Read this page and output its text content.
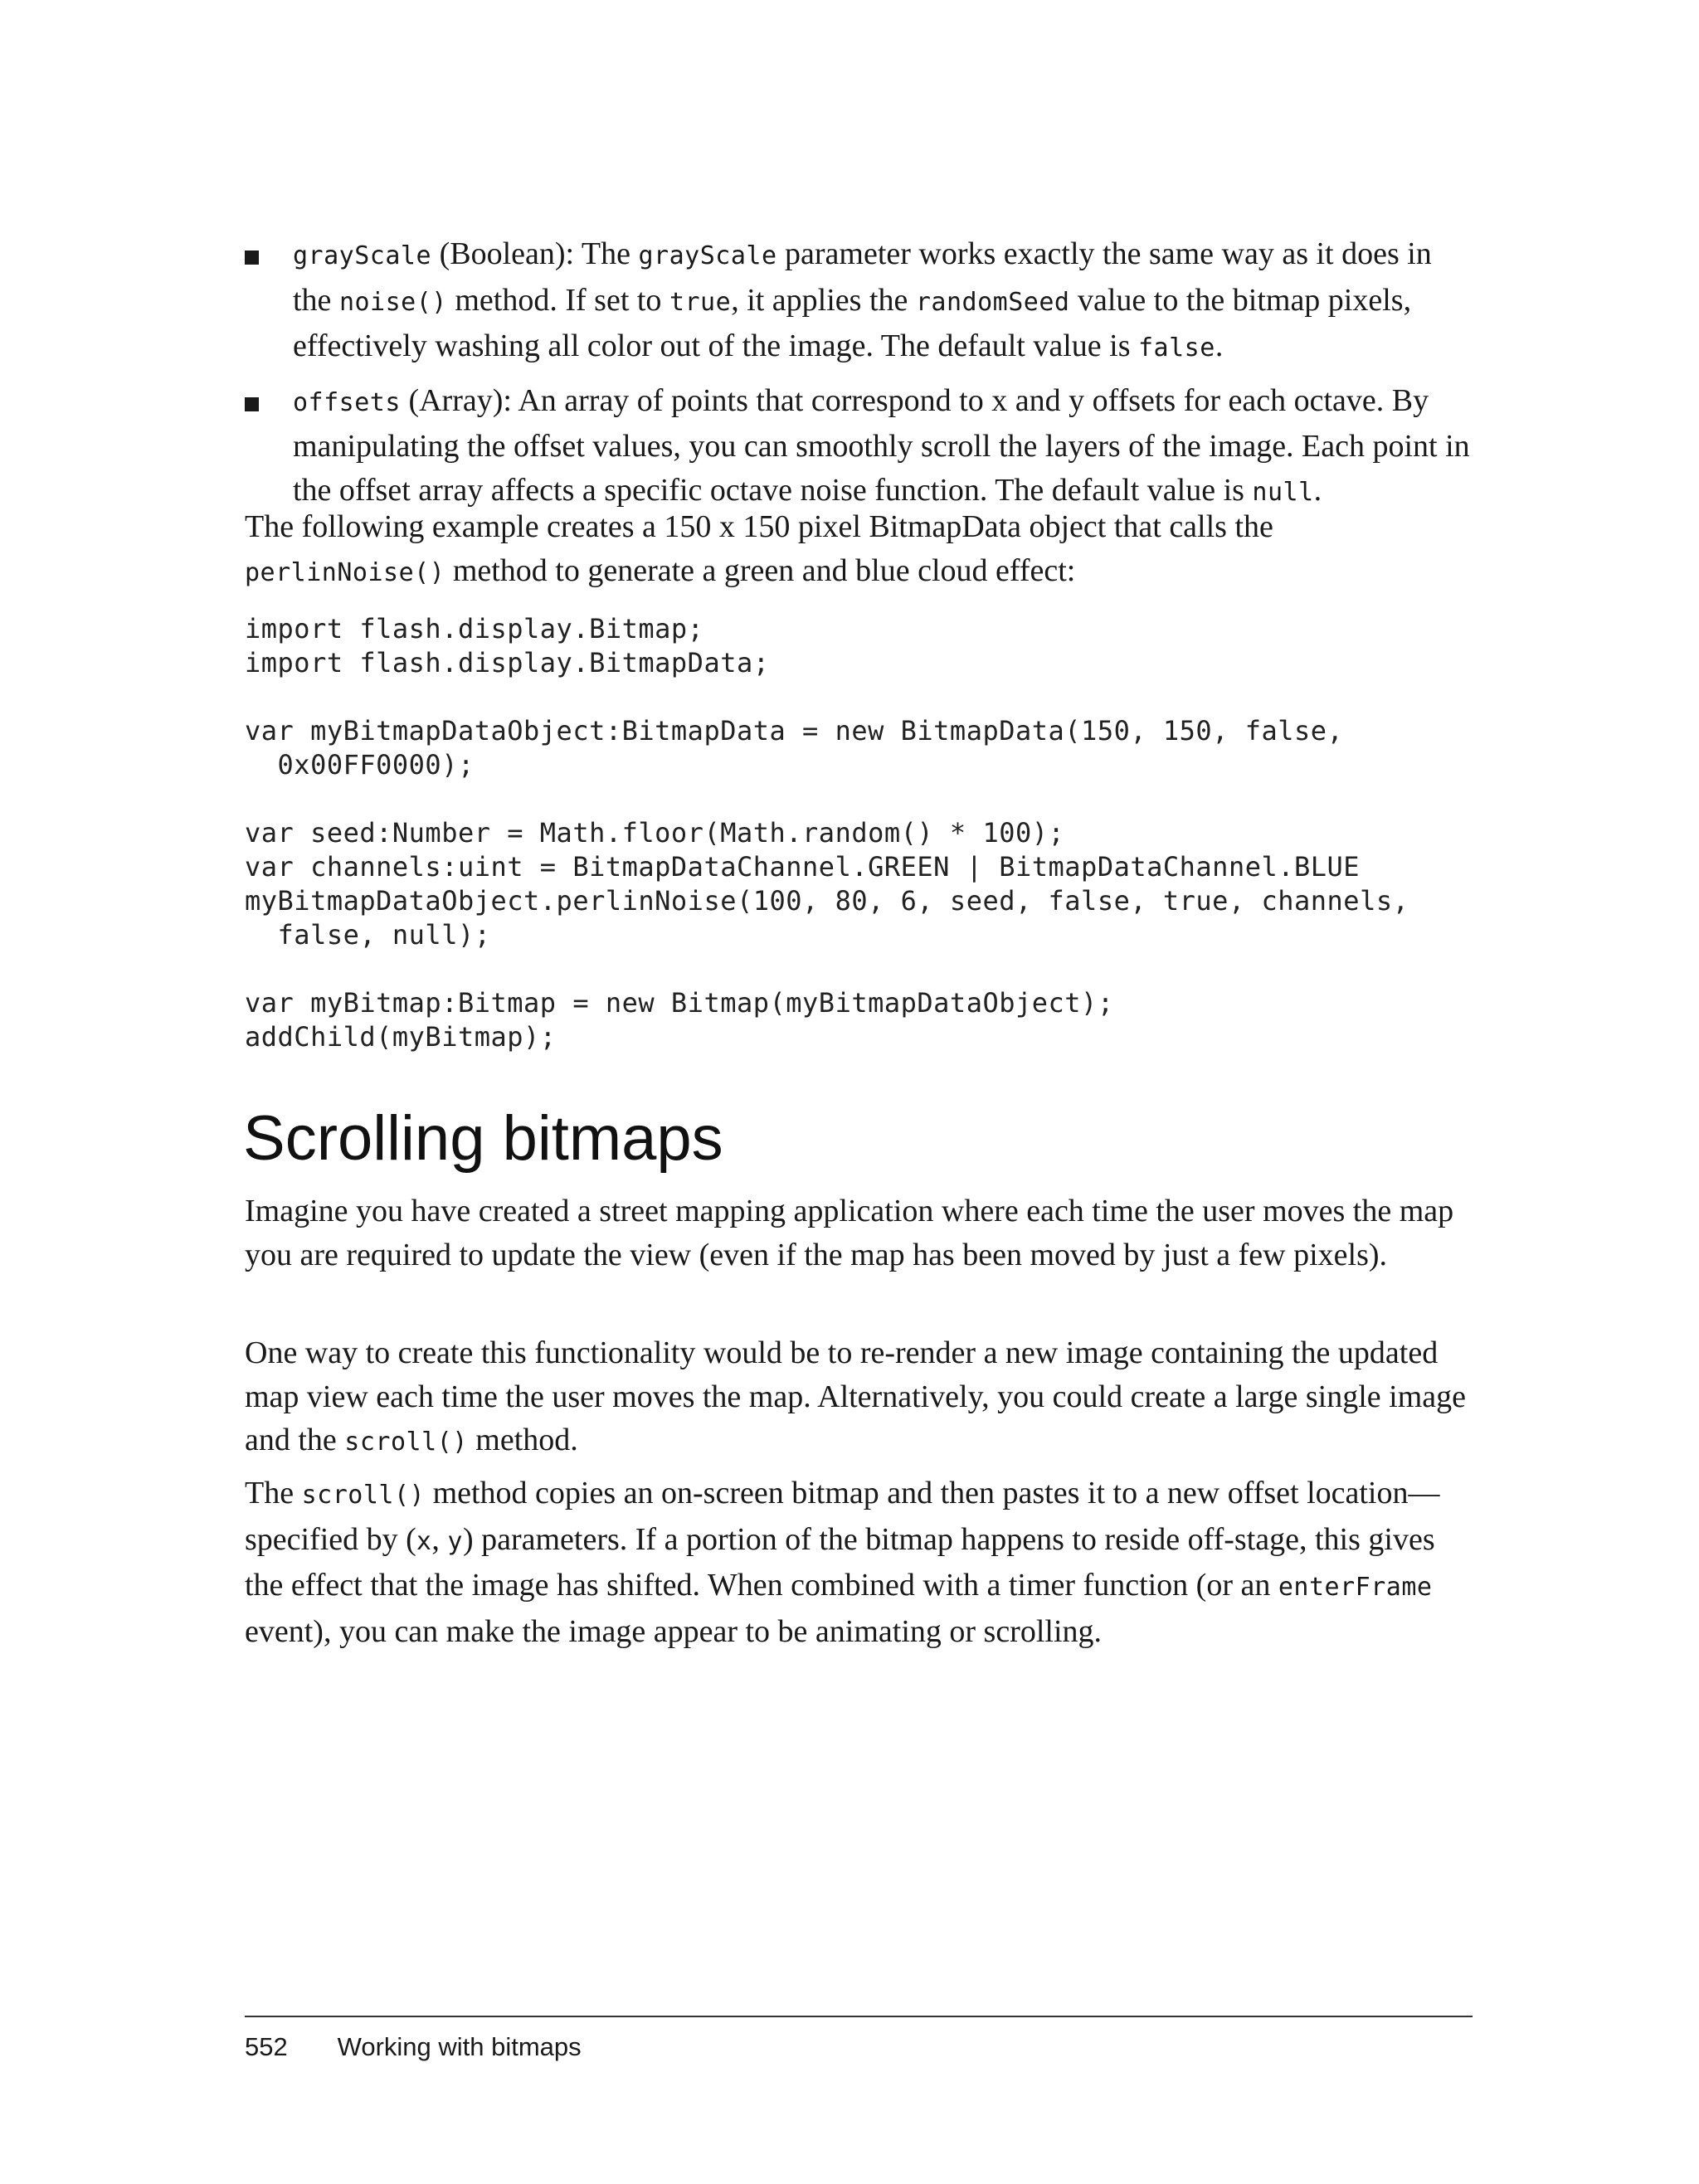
grayScale (Boolean): The grayScale parameter works exactly the same way as it does in the noise() method. If set to true, it applies the randomSeed value to the bitmap pixels, effectively washing all color out of the image. The default value is false.
offsets (Array): An array of points that correspond to x and y offsets for each octave. By manipulating the offset values, you can smoothly scroll the layers of the image. Each point in the offset array affects a specific octave noise function. The default value is null.

The following example creates a 150 x 150 pixel BitmapData object that calls the perlinNoise() method to generate a green and blue cloud effect:

import flash.display.Bitmap;
import flash.display.BitmapData;

var myBitmapDataObject:BitmapData = new BitmapData(150, 150, false,
0x00FF0000);

var seed:Number = Math.floor(Math.random() * 100);
var channels:uint = BitmapDataChannel.GREEN | BitmapDataChannel.BLUE
myBitmapDataObject.perlinNoise(100, 80, 6, seed, false, true, channels,
false, null);

var myBitmap:Bitmap = new Bitmap(myBitmapDataObject);
addChild(myBitmap);
Scrolling bitmaps

Imagine you have created a street mapping application where each time the user moves the map you are required to update the view (even if the map has been moved by just a few pixels).

One way to create this functionality would be to re-render a new image containing the updated map view each time the user moves the map. Alternatively, you could create a large single image and the scroll() method.

The scroll() method copies an on-screen bitmap and then pastes it to a new offset location—specified by (x, y) parameters. If a portion of the bitmap happens to reside off-stage, this gives the effect that the image has shifted. When combined with a timer function (or an enterFrame event), you can make the image appear to be animating or scrolling.

552 Working with bitmaps
